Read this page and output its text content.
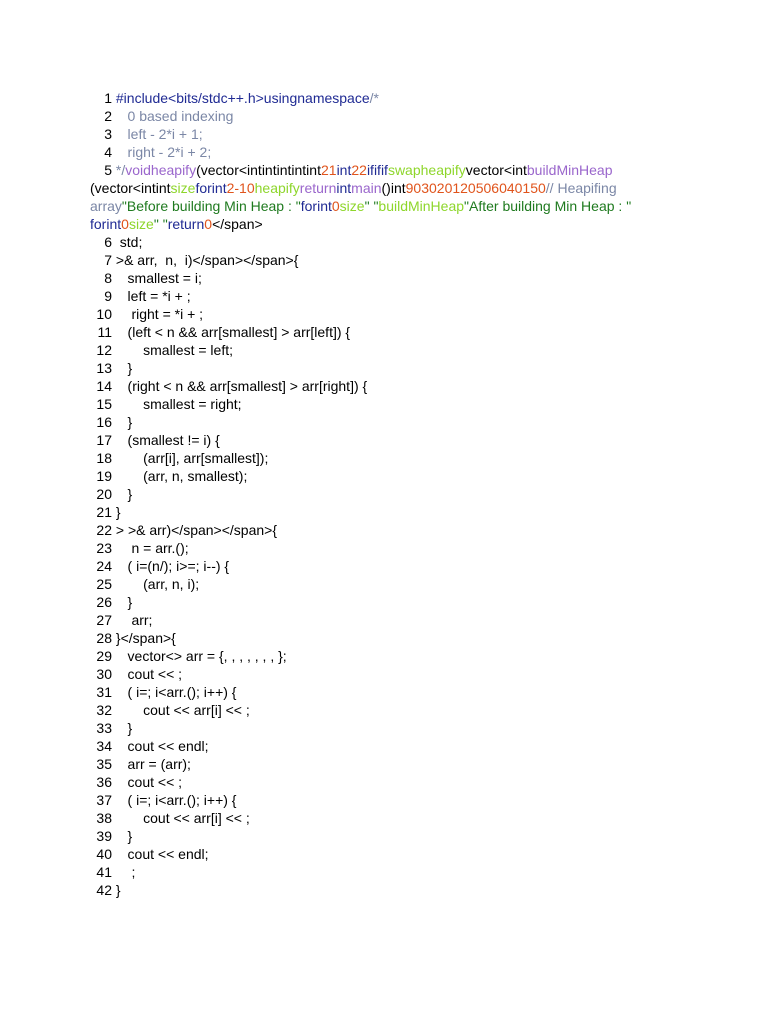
1 #include<bits/stdc++.h>usingnamespace/*
2 0 based indexing
3 left - 2*i + 1;
4 right - 2*i + 2;
5 */voidheapify(vector<intintintintint21int22ifififswapheapifyvector<intbuildMinHeap
(vector<intintsizeforint2-10heapifyreturnintmain()int903020120506040150// Heapifing
array"Before building Min Heap : "forint0size" "buildMinHeap"After building Min Heap : "
forint0size" "return0</span>
6 std;
7 >& arr,  n,  i)</span></span>{
8 smallest = i;
9 left = *i + ;
10 right = *i + ;
11 (left < n && arr[smallest] > arr[left]) {
12 smallest = left;
13 }
14 (right < n && arr[smallest] > arr[right]) {
15 smallest = right;
16 }
17 (smallest != i) {
18 (arr[i], arr[smallest]);
19 (arr, n, smallest);
20 }
21 }
22 > >& arr)</span></span>{
23 n = arr.();
24 ( i=(n/); i>=; i--) {
25 (arr, n, i);
26 }
27 arr;
28 }</span>{
29 vector<> arr = {, , , , , , , };
30 cout << ;
31 ( i=; i<arr.(); i++) {
32 cout << arr[i] << ;
33 }
34 cout << endl;
35 arr = (arr);
36 cout << ;
37 ( i=; i<arr.(); i++) {
38 cout << arr[i] << ;
39 }
40 cout << endl;
41 ;
42 }
